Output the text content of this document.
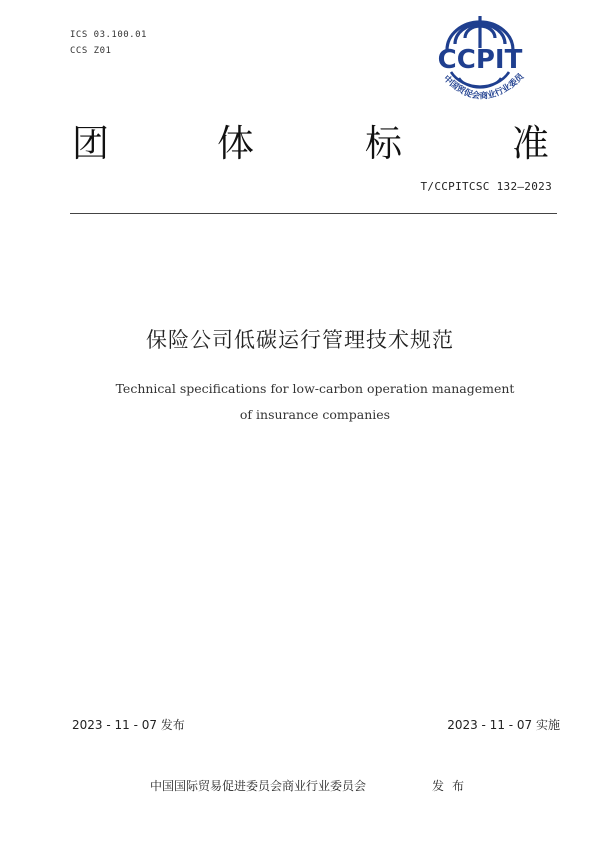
ICS 03.100.01
CCS Z01	CCPIT
中国贸促会商业行业委员
团	体	标	准
T/CCPITCSC 132—2023
保险公司低碳运行管理技术规范
Technical specifications for low-carbon operation management
of insurance companies
2023 - 11 - 07 发布	2023 - 11 - 07 实施
中国国际贸易促进委员会商业行业委员会	发布
